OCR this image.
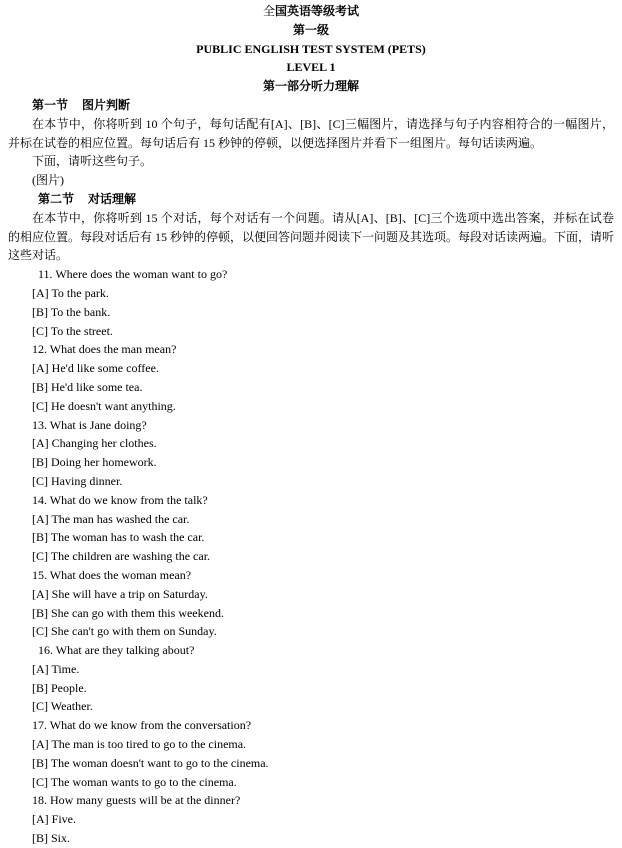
全国英语等级考试
第一级
PUBLIC ENGLISH TEST SYSTEM (PETS)
LEVEL 1
第一部分听力理解
第一节 图片判断
在本节中，你将听到 10 个句子，每句话配有[A]、[B]、[C]三幅图片，请选择与句子内容相符合的一幅图片，并标在试卷的相应位置。每句话后有 15 秒钟的停顿，以便选择图片并看下一组图片。每句话读两遍。
下面，请听这些句子。
(图片)
第二节 对话理解
在本节中，你将听到 15 个对话，每个对话有一个问题。请从[A]、[B]、[C]三个选项中选出答案，并标在试卷的相应位置。每段对话后有 15 秒钟的停顿，以便回答问题并阅读下一问题及其选项。每段对话读两遍。下面，请听这些对话。
11. Where does the woman want to go?
[A] To the park.
[B] To the bank.
[C] To the street.
12. What does the man mean?
[A] He'd like some coffee.
[B] He'd like some tea.
[C] He doesn't want anything.
13. What is Jane doing?
[A] Changing her clothes.
[B] Doing her homework.
[C] Having dinner.
14. What do we know from the talk?
[A] The man has washed the car.
[B] The woman has to wash the car.
[C] The children are washing the car.
15. What does the woman mean?
[A] She will have a trip on Saturday.
[B] She can go with them this weekend.
[C] She can't go with them on Sunday.
16. What are they talking about?
[A] Time.
[B] People.
[C] Weather.
17. What do we know from the conversation?
[A] The man is too tired to go to the cinema.
[B] The woman doesn't want to go to the cinema.
[C] The woman wants to go to the cinema.
18. How many guests will be at the dinner?
[A] Five.
[B] Six.
